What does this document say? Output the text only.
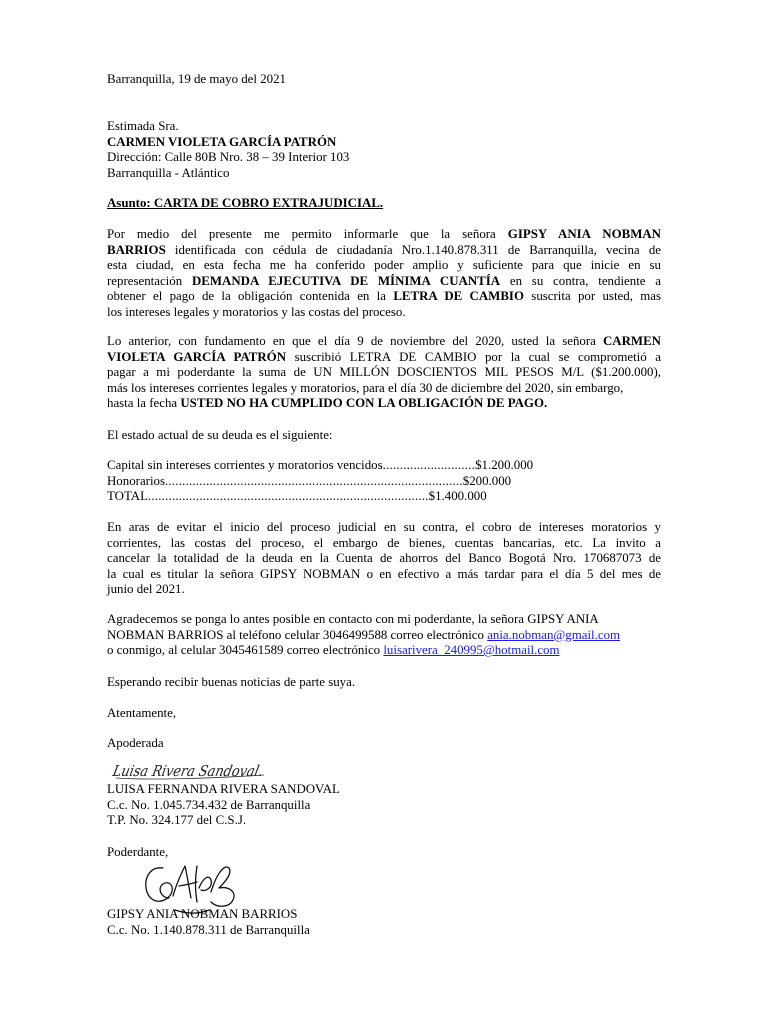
Barranquilla, 19 de mayo del 2021
Estimada Sra.
CARMEN VIOLETA GARCÍA PATRÓN
Dirección: Calle 80B Nro. 38 – 39 Interior 103
Barranquilla - Atlántico
Asunto: CARTA DE COBRO EXTRAJUDICIAL.
Por medio del presente me permito informarle que la señora GIPSY ANIA NOBMAN
BARRIOS identificada con cédula de ciudadanía Nro.1.140.878.311 de Barranquilla, vecina de
esta ciudad, en esta fecha me ha conferido poder amplio y suficiente para que inicie en su
representación DEMANDA EJECUTIVA DE MÍNIMA CUANTÍA en su contra, tendiente a
obtener el pago de la obligación contenida en la LETRA DE CAMBIO suscrita por usted, mas
los intereses legales y moratorios y las costas del proceso.
Lo anterior, con fundamento en que el día 9 de noviembre del 2020, usted la señora CARMEN
VIOLETA GARCÍA PATRÓN suscribió LETRA DE CAMBIO por la cual se comprometió a
pagar a mi poderdante la suma de UN MILLÓN DOSCIENTOS MIL PESOS M/L ($1.200.000),
más los intereses corrientes legales y moratorios, para el día 30 de diciembre del 2020, sin embargo,
hasta la fecha USTED NO HA CUMPLIDO CON LA OBLIGACIÓN DE PAGO.
El estado actual de su deuda es el siguiente:
Capital sin intereses corrientes y moratorios vencidos...........................$1.200.000
Honorarios.......................................................................................$200.000
TOTAL..................................................................................$1.400.000
En aras de evitar el inicio del proceso judicial en su contra, el cobro de intereses moratorios y
corrientes, las costas del proceso, el embargo de bienes, cuentas bancarias, etc. La invito a
cancelar la totalidad de la deuda en la Cuenta de ahorros del Banco Bogotá Nro. 170687073 de
la cual es titular la señora GIPSY NOBMAN o en efectivo a más tardar para el día 5 del mes de
junio del 2021.
Agradecemos se ponga lo antes posible en contacto con mi poderdante, la señora GIPSY ANIA
NOBMAN BARRIOS al teléfono celular 3046499588 correo electrónico ania.nobman@gmail.com
o conmigo, al celular 3045461589 correo electrónico luisarivera_240995@hotmail.com
Esperando recibir buenas noticias de parte suya.
Atentamente,
Apoderada
Luisa Rivera Sandoval.
LUISA FERNANDA RIVERA SANDOVAL
C.c. No. 1.045.734.432 de Barranquilla
T.P. No. 324.177 del C.S.J.
Poderdante,
GIPSY ANIA NOBMAN BARRIOS
C.c. No. 1.140.878.311 de Barranquilla
